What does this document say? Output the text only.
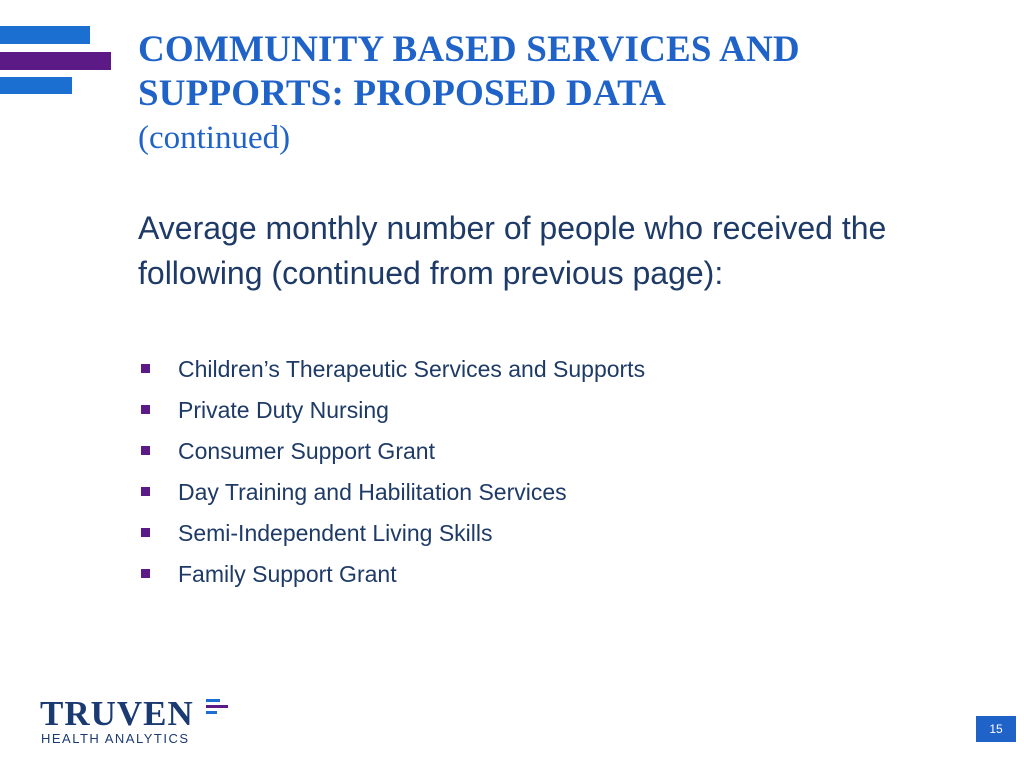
COMMUNITY BASED SERVICES AND SUPPORTS: PROPOSED DATA
(continued)

Average monthly number of people who received the following (continued from previous page):

Children’s Therapeutic Services and Supports
Private Duty Nursing
Consumer Support Grant
Day Training and Habilitation Services
Semi-Independent Living Skills
Family Support Grant
TRUVEN
HEALTH ANALYTICS
15
